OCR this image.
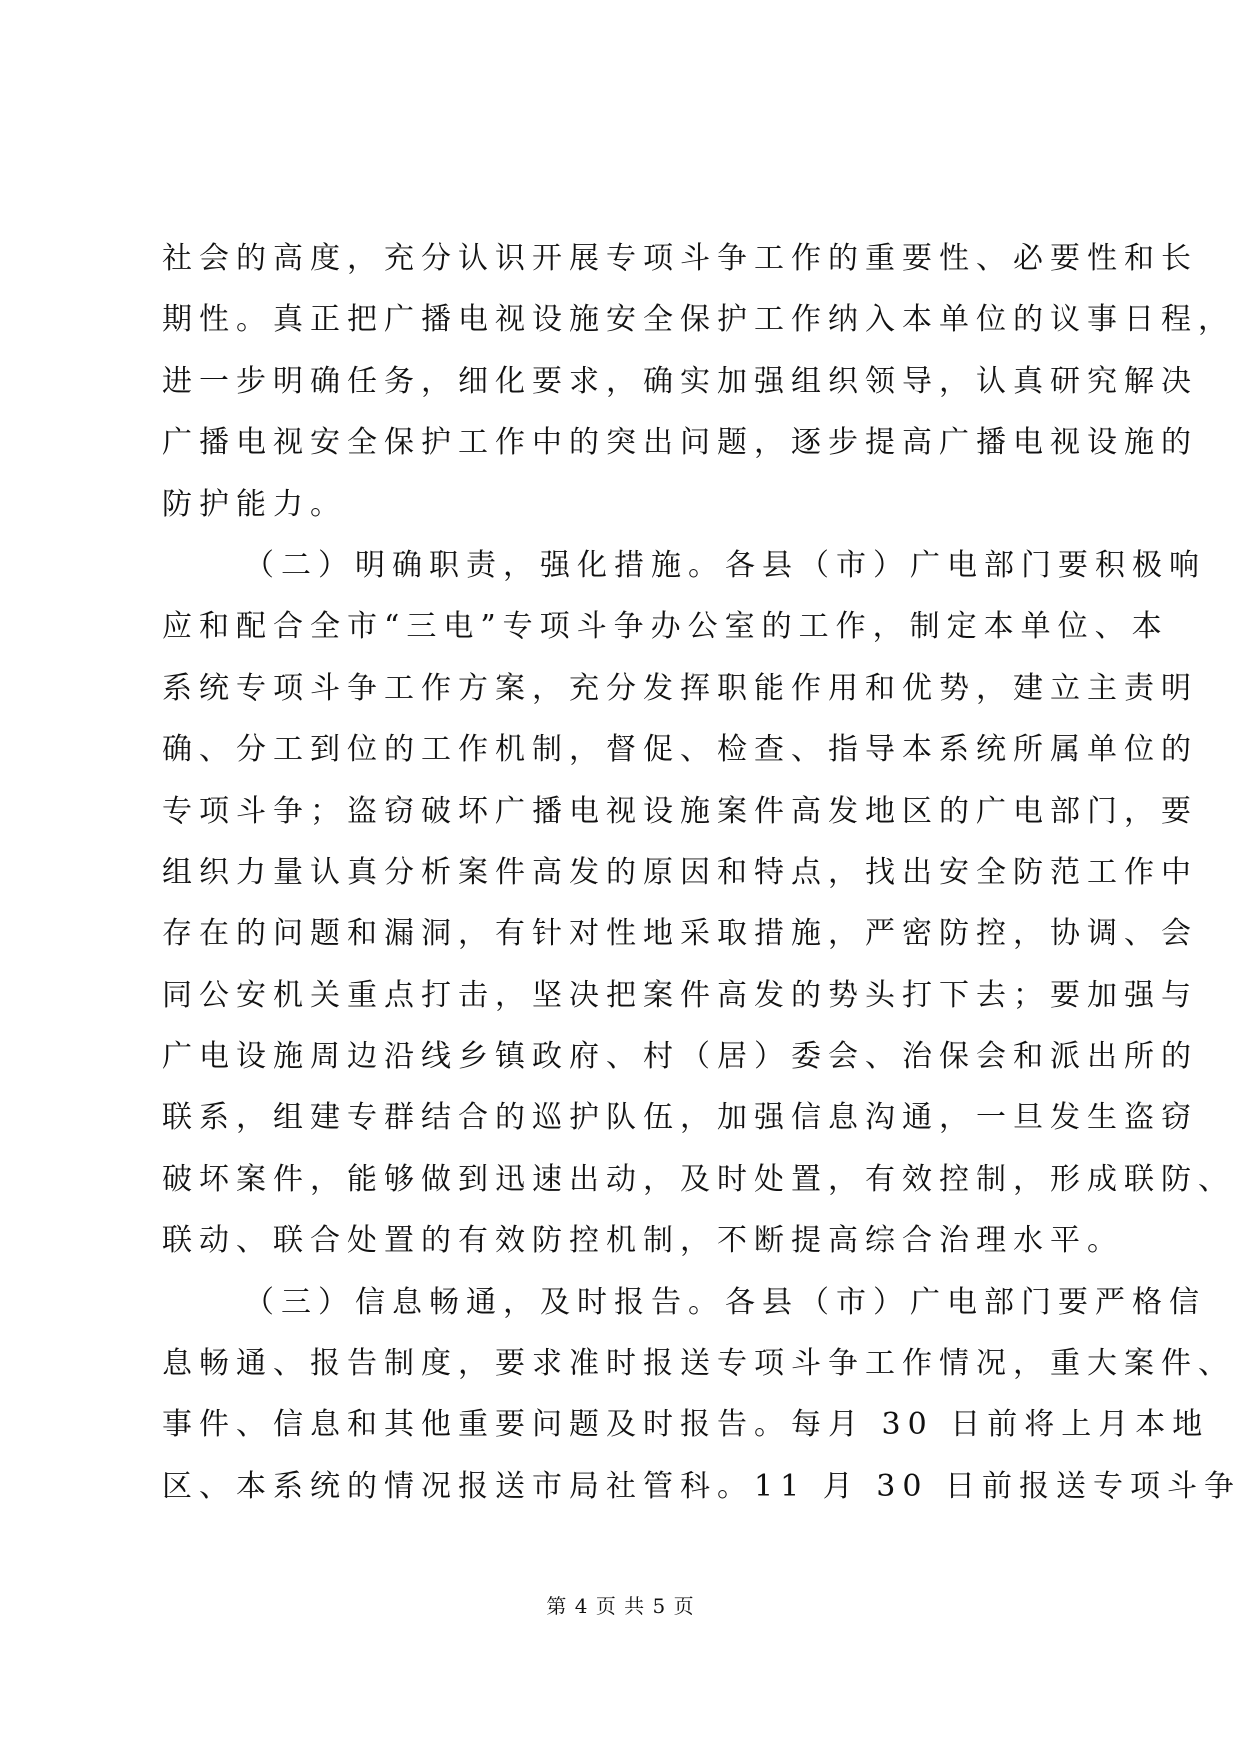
社会的高度，充分认识开展专项斗争工作的重要性、必要性和长
期性。真正把广播电视设施安全保护工作纳入本单位的议事日程，
进一步明确任务，细化要求，确实加强组织领导，认真研究解决
广播电视安全保护工作中的突出问题，逐步提高广播电视设施的
防护能力。
（二）明确职责，强化措施。各县（市）广电部门要积极响
应和配合全市“三电”专项斗争办公室的工作，制定本单位、本
系统专项斗争工作方案，充分发挥职能作用和优势，建立主责明
确、分工到位的工作机制，督促、检查、指导本系统所属单位的
专项斗争；盗窃破坏广播电视设施案件高发地区的广电部门，要
组织力量认真分析案件高发的原因和特点，找出安全防范工作中
存在的问题和漏洞，有针对性地采取措施，严密防控，协调、会
同公安机关重点打击，坚决把案件高发的势头打下去；要加强与
广电设施周边沿线乡镇政府、村（居）委会、治保会和派出所的
联系，组建专群结合的巡护队伍，加强信息沟通，一旦发生盗窃
破坏案件，能够做到迅速出动，及时处置，有效控制，形成联防、
联动、联合处置的有效防控机制，不断提高综合治理水平。
（三）信息畅通，及时报告。各县（市）广电部门要严格信
息畅通、报告制度，要求准时报送专项斗争工作情况，重大案件、
事件、信息和其他重要问题及时报告。每月 30 日前将上月本地
区、本系统的情况报送市局社管科。11 月 30 日前报送专项斗争
第 4 页 共 5 页
